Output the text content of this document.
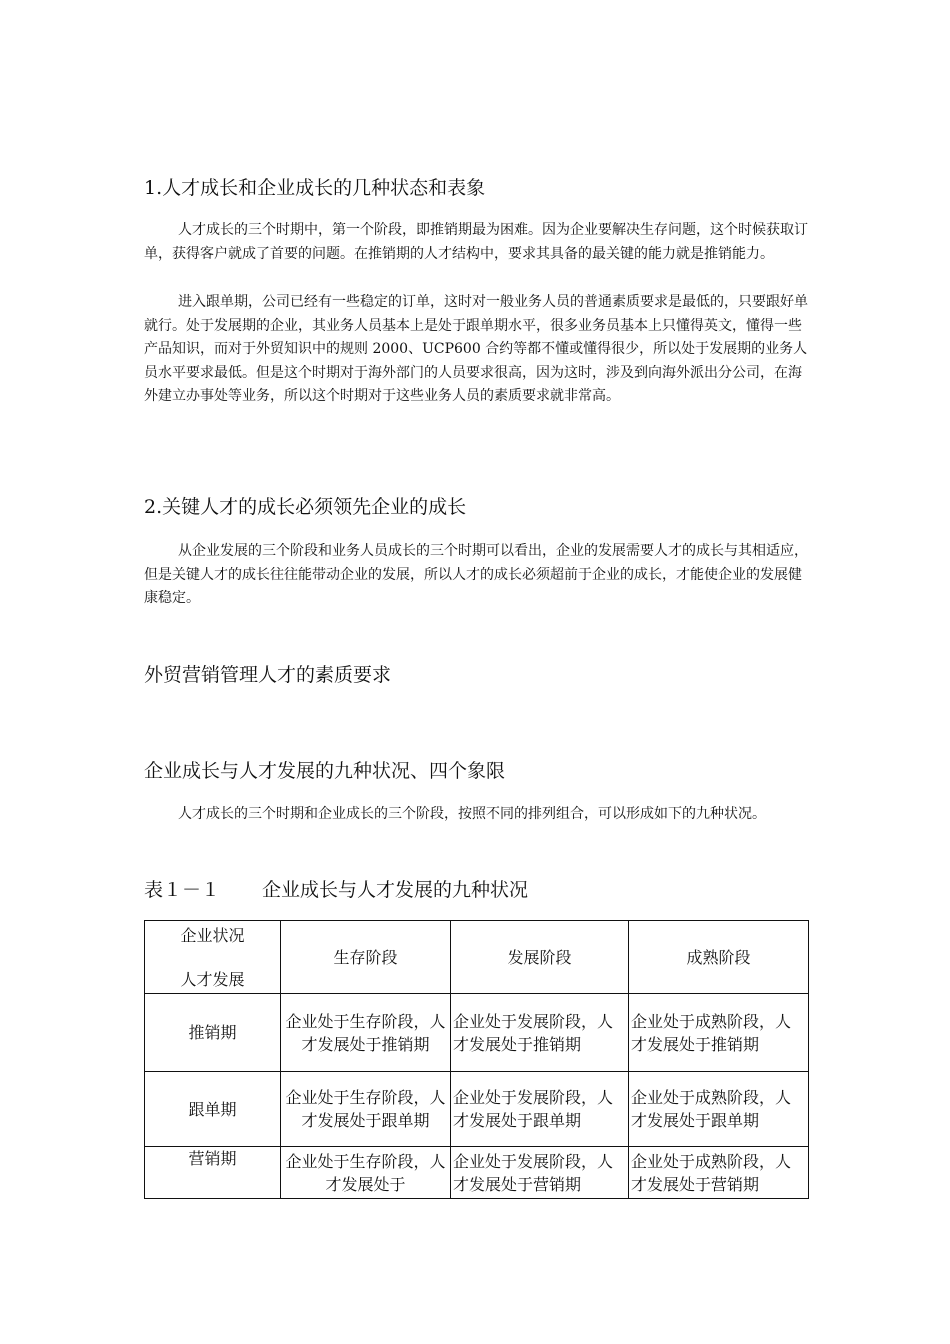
1.人才成长和企业成长的几种状态和表象

人才成长的三个时期中，第一个阶段，即推销期最为困难。因为企业要解决生存问题，这个时候获取订单，获得客户就成了首要的问题。在推销期的人才结构中，要求其具备的最关键的能力就是推销能力。

进入跟单期，公司已经有一些稳定的订单，这时对一般业务人员的普通素质要求是最低的，只要跟好单就行。处于发展期的企业，其业务人员基本上是处于跟单期水平，很多业务员基本上只懂得英文，懂得一些产品知识，而对于外贸知识中的规则 2000、UCP600 合约等都不懂或懂得很少，所以处于发展期的业务人员水平要求最低。但是这个时期对于海外部门的人员要求很高，因为这时，涉及到向海外派出分公司，在海外建立办事处等业务，所以这个时期对于这些业务人员的素质要求就非常高。

2.关键人才的成长必须领先企业的成长

从企业发展的三个阶段和业务人员成长的三个时期可以看出，企业的发展需要人才的成长与其相适应，但是关键人才的成长往往能带动企业的发展，所以人才的成长必须超前于企业的成长，才能使企业的发展健康稳定。

外贸营销管理人才的素质要求
企业成长与人才发展的九种状况、四个象限

人才成长的三个时期和企业成长的三个阶段，按照不同的排列组合，可以形成如下的九种状况。

表１－１ 企业成长与人才发展的九种状况
企业状况
人才发展	生存阶段	发展阶段	成熟阶段
推销期	企业处于生存阶段，人才发展处于推销期	企业处于发展阶段，人才发展处于推销期	企业处于成熟阶段，人才发展处于推销期
跟单期	企业处于生存阶段，人才发展处于跟单期	企业处于发展阶段，人才发展处于跟单期	企业处于成熟阶段，人才发展处于跟单期
营销期	企业处于生存阶段，人才发展处于	企业处于发展阶段，人才发展处于营销期	企业处于成熟阶段，人才发展处于营销期
